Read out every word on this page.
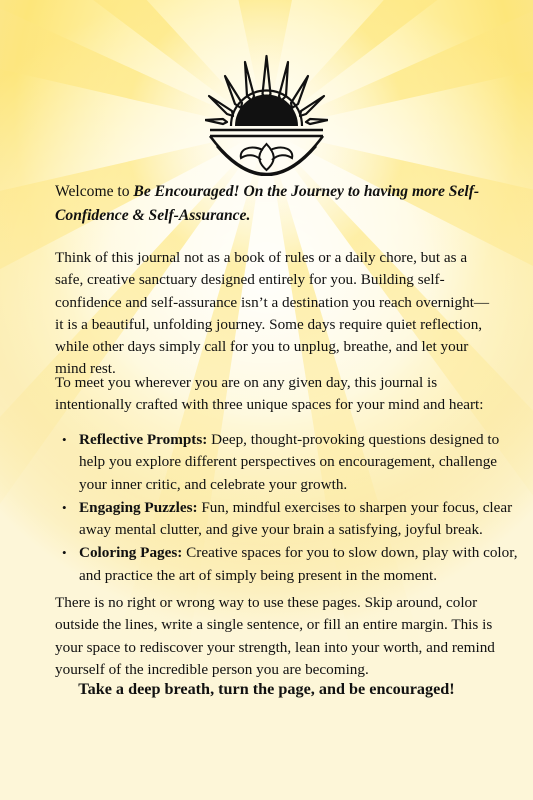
Welcome to Be Encouraged! On the Journey to having more Self-Confidence & Self-Assurance.

Think of this journal not as a book of rules or a daily chore, but as a safe, creative sanctuary designed entirely for you. Building self-confidence and self-assurance isn’t a destination you reach overnight—it is a beautiful, unfolding journey. Some days require quiet reflection, while other days simply call for you to unplug, breathe, and let your mind rest.

To meet you wherever you are on any given day, this journal is intentionally crafted with three unique spaces for your mind and heart:

• Reflective Prompts: Deep, thought-provoking questions designed to help you explore different perspectives on encouragement, challenge your inner critic, and celebrate your growth.
• Engaging Puzzles: Fun, mindful exercises to sharpen your focus, clear away mental clutter, and give your brain a satisfying, joyful break.
• Coloring Pages: Creative spaces for you to slow down, play with color, and practice the art of simply being present in the moment.

There is no right or wrong way to use these pages. Skip around, color outside the lines, write a single sentence, or fill an entire margin. This is your space to rediscover your strength, lean into your worth, and remind yourself of the incredible person you are becoming.

Take a deep breath, turn the page, and be encouraged!
